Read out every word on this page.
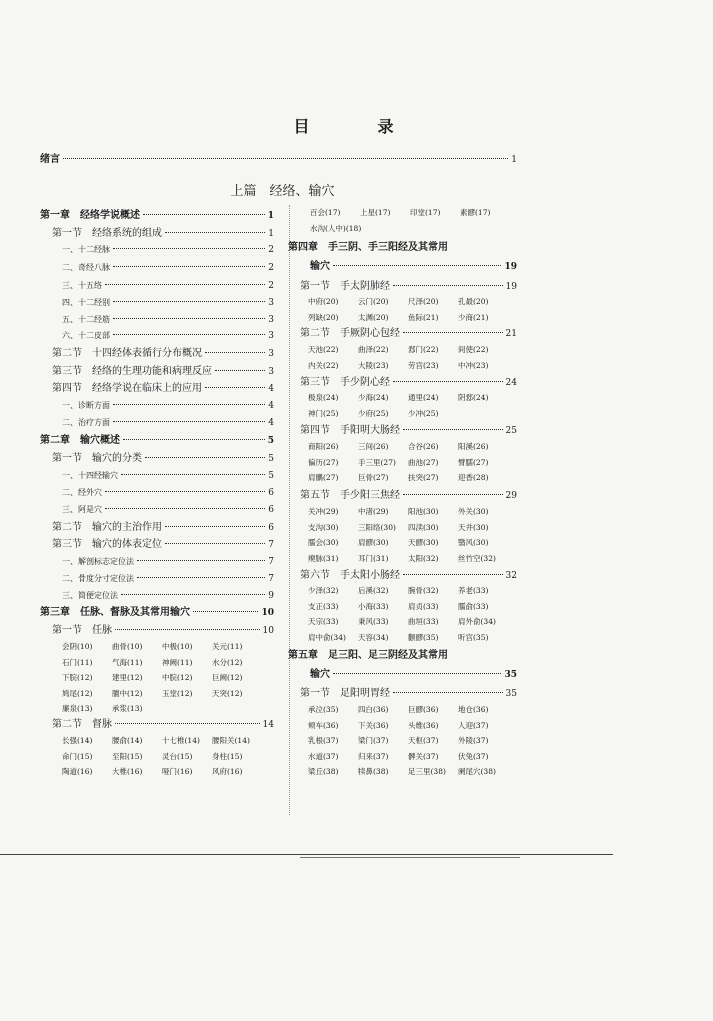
目　录
绪言	1
上篇　经络、输穴
第一章　经络学说概述	1
第一节　经络系统的组成	1
一、十二经脉	2
二、奇经八脉	2
三、十五络	2
四、十二经别	3
五、十二经筋	3
六、十二皮部	3
第二节　十四经体表循行分布概况	3
第三节　经络的生理功能和病理反应	3
第四节　经络学说在临床上的应用	4
一、诊断方面	4
二、治疗方面	4
第二章　输穴概述	5
第一节　输穴的分类	5
一、十四经输穴	5
二、经外穴	6
三、阿是穴	6
第二节　输穴的主治作用	6
第三节　输穴的体表定位	7
一、解剖标志定位法	7
二、骨度分寸定位法	7
三、简便定位法	9
第三章　任脉、督脉及其常用输穴	10
第一节　任脉	10
会阴(10)	曲骨(10)	中极(10)	关元(11)
石门(11)	气海(11)	神阙(11)	水分(12)
下脘(12)	建里(12)	中脘(12)	巨阙(12)
鸠尾(12)	膻中(12)	玉堂(12)	天突(12)
廉泉(13)	承浆(13)
第二节　督脉	14
长强(14)	腰俞(14)	十七椎(14)	腰阳关(14)
命门(15)	至阳(15)	灵台(15)	身柱(15)
陶道(16)	大椎(16)	哑门(16)	风府(16)
百会(17)	上星(17)	印堂(17)	素髎(17)
水沟(人中)(18)
第四章　手三阴、手三阳经及其常用
输穴	19
第一节　手太阴肺经	19
中府(20)	云门(20)	尺泽(20)	孔最(20)
列缺(20)	太渊(20)	鱼际(21)	少商(21)
第二节　手厥阴心包经	21
天池(22)	曲泽(22)	郄门(22)	间使(22)
内关(22)	大陵(23)	劳宫(23)	中冲(23)
第三节　手少阴心经	24
极泉(24)	少海(24)	通里(24)	阴郄(24)
神门(25)	少府(25)	少冲(25)
第四节　手阳明大肠经	25
商阳(26)	三间(26)	合谷(26)	阳溪(26)
偏历(27)	手三里(27)	曲池(27)	臂臑(27)
肩髃(27)	巨骨(27)	扶突(27)	迎香(28)
第五节　手少阳三焦经	29
关冲(29)	中渚(29)	阳池(30)	外关(30)
支沟(30)	三阳络(30)	四渎(30)	天井(30)
臑会(30)	肩髎(30)	天髎(30)	翳风(30)
瘈脉(31)	耳门(31)	太阳(32)	丝竹空(32)
第六节　手太阳小肠经	32
少泽(32)	后溪(32)	腕骨(32)	养老(33)
支正(33)	小海(33)	肩贞(33)	臑俞(33)
天宗(33)	秉风(33)	曲垣(33)	肩外俞(34)
肩中俞(34)	天容(34)	颧髎(35)	听宫(35)
第五章　足三阳、足三阴经及其常用
输穴	35
第一节　足阳明胃经	35
承泣(35)	四白(36)	巨髎(36)	地仓(36)
颊车(36)	下关(36)	头维(36)	人迎(37)
乳根(37)	梁门(37)	天枢(37)	外陵(37)
水道(37)	归来(37)	髀关(37)	伏兔(37)
梁丘(38)	犊鼻(38)	足三里(38)	阑尾穴(38)
